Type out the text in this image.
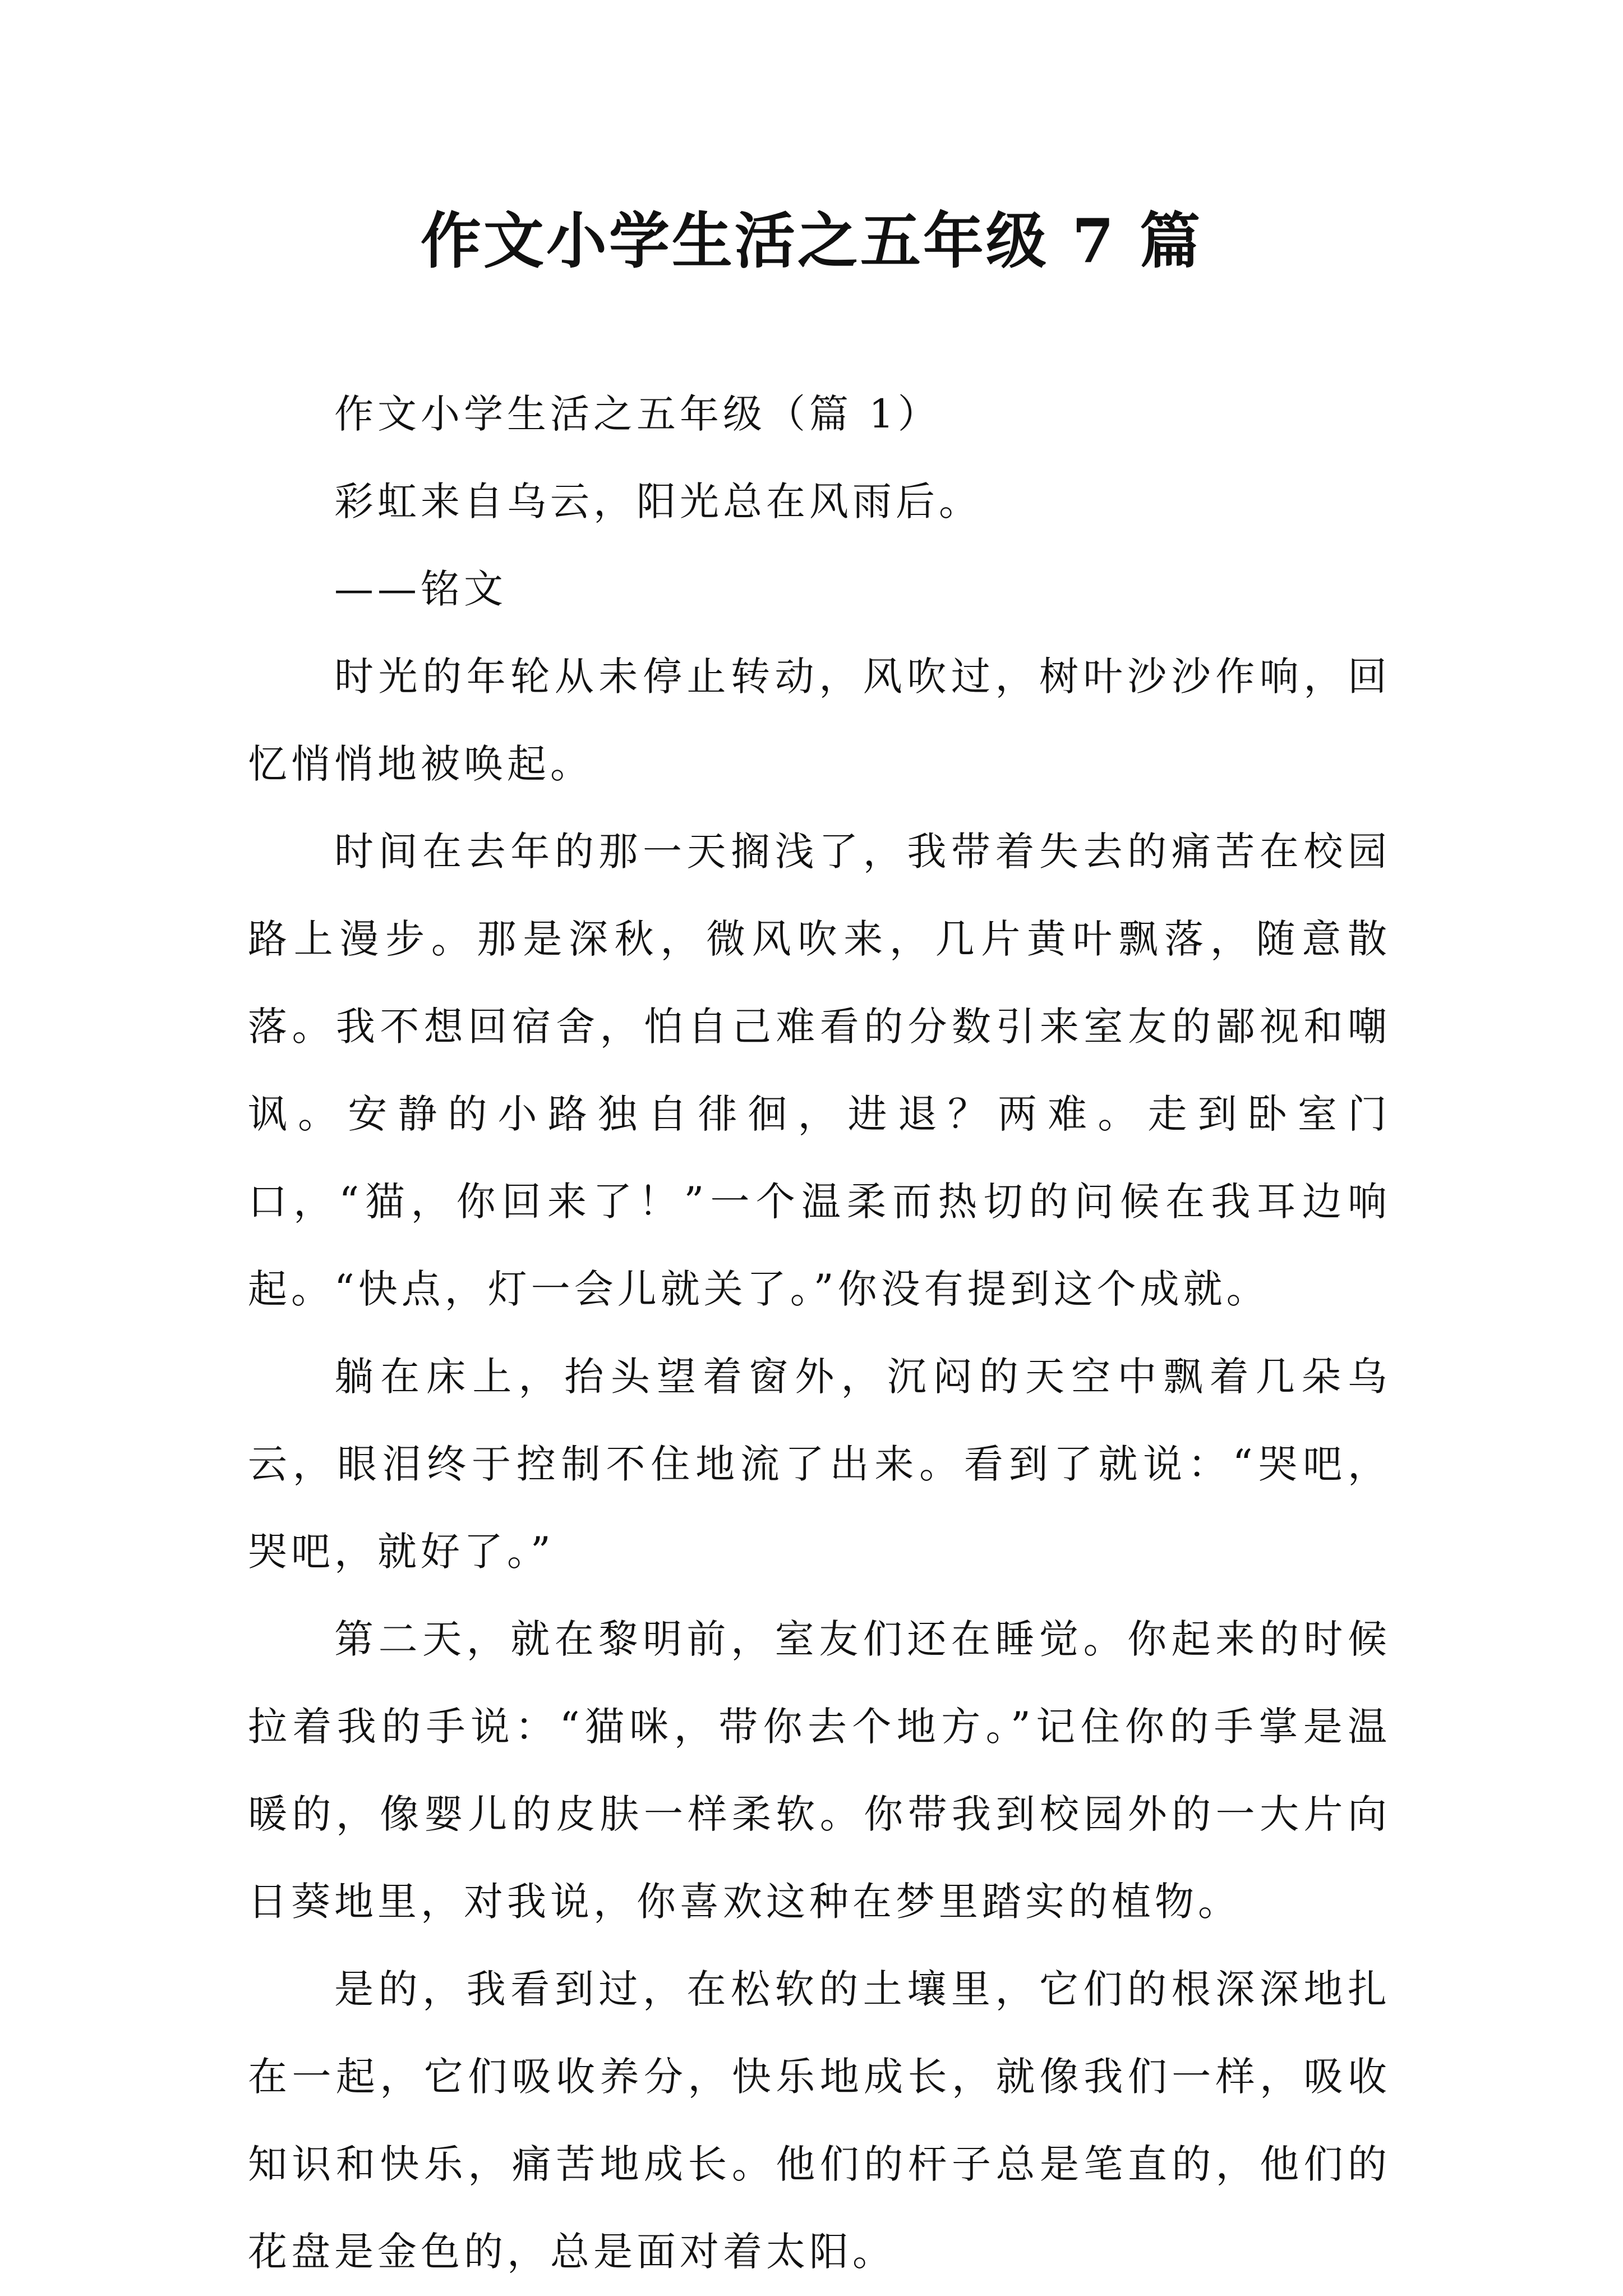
作文小学生活之五年级 7 篇

作文小学生活之五年级（篇 1）

彩虹来自乌云，阳光总在风雨后。

——铭文

时光的年轮从未停止转动，风吹过，树叶沙沙作响，回忆悄悄地被唤起。

时间在去年的那一天搁浅了，我带着失去的痛苦在校园路上漫步。那是深秋，微风吹来，几片黄叶飘落，随意散落。我不想回宿舍，怕自己难看的分数引来室友的鄙视和嘲讽。安静的小路独自徘徊，进退？两难。走到卧室门口，“猫，你回来了！”一个温柔而热切的问候在我耳边响起。“快点，灯一会儿就关了。”你没有提到这个成就。

躺在床上，抬头望着窗外，沉闷的天空中飘着几朵乌云，眼泪终于控制不住地流了出来。看到了就说：“哭吧，哭吧，就好了。”

第二天，就在黎明前，室友们还在睡觉。你起来的时候拉着我的手说：“猫咪，带你去个地方。”记住你的手掌是温暖的，像婴儿的皮肤一样柔软。你带我到校园外的一大片向日葵地里，对我说，你喜欢这种在梦里踏实的植物。

是的，我看到过，在松软的土壤里，它们的根深深地扎在一起，它们吸收养分，快乐地成长，就像我们一样，吸收知识和快乐，痛苦地成长。他们的杆子总是笔直的，他们的花盘是金色的，总是面对着太阳。
